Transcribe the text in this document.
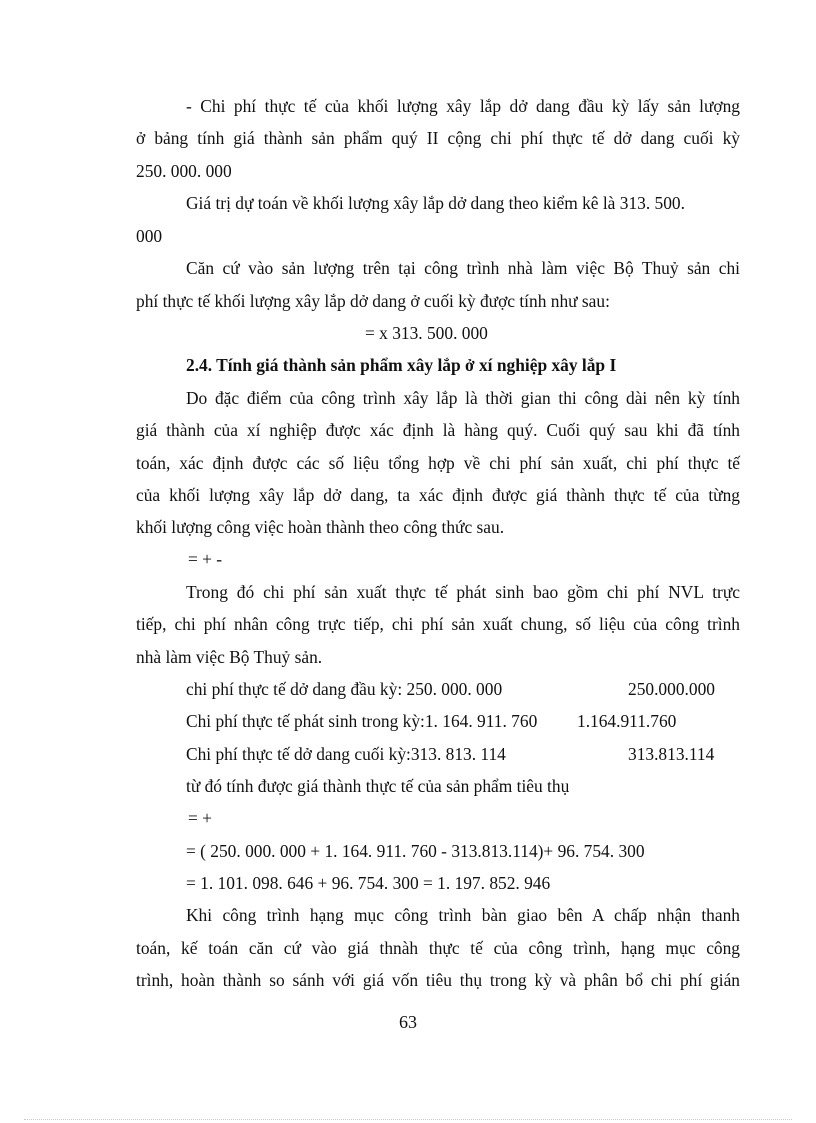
- Chi phí thực tế của khối lượng xây lắp dở dang đầu kỳ lấy sản lượng
ở bảng tính giá thành sản phẩm quý II cộng chi phí thực tế dở dang cuối kỳ
250. 000. 000
Giá trị dự toán về khối lượng xây lắp dở dang theo kiểm kê là 313. 500.
000
Căn cứ vào sản lượng trên tại công trình nhà làm việc Bộ Thuỷ sản chi
phí thực tế khối lượng xây lắp dở dang ở cuối kỳ được tính như sau:
= x 313. 500. 000
2.4. Tính giá thành sản phẩm xây lắp ở xí nghiệp xây lắp I
Do đặc điểm của công trình xây lắp là thời gian thi công dài nên kỳ tính
giá thành của xí nghiệp được xác định là hàng quý. Cuối quý sau khi đã tính
toán, xác định được các số liệu tổng hợp về chi phí sản xuất, chi phí thực tế
của khối lượng xây lắp dở dang, ta xác định được giá thành thực tế của từng
khối lượng công việc hoàn thành theo công thức sau.
= + -
Trong đó chi phí sản xuất thực tế phát sinh bao gồm chi phí NVL trực
tiếp, chi phí nhân công trực tiếp, chi phí sản xuất chung, số liệu của công trình
nhà làm việc Bộ Thuỷ sản.
chi phí thực tế dở dang đầu kỳ: 250. 000. 000	250.000.000
Chi phí thực tế phát sinh trong kỳ:1. 164. 911. 760	1.164.911.760
Chi phí thực tế dở dang cuối kỳ:313. 813. 114	313.813.114
từ đó tính được giá thành thực tế của sản phẩm tiêu thụ
= +
= ( 250. 000. 000 + 1. 164. 911. 760 - 313.813.114)+ 96. 754. 300
= 1. 101. 098. 646 + 96. 754. 300 = 1. 197. 852. 946
Khi công trình hạng mục công trình bàn giao bên A chấp nhận thanh
toán, kế toán căn cứ vào giá thnàh thực tế của công trình, hạng mục công
trình, hoàn thành so sánh với giá vốn tiêu thụ trong kỳ và phân bổ chi phí gián
63
